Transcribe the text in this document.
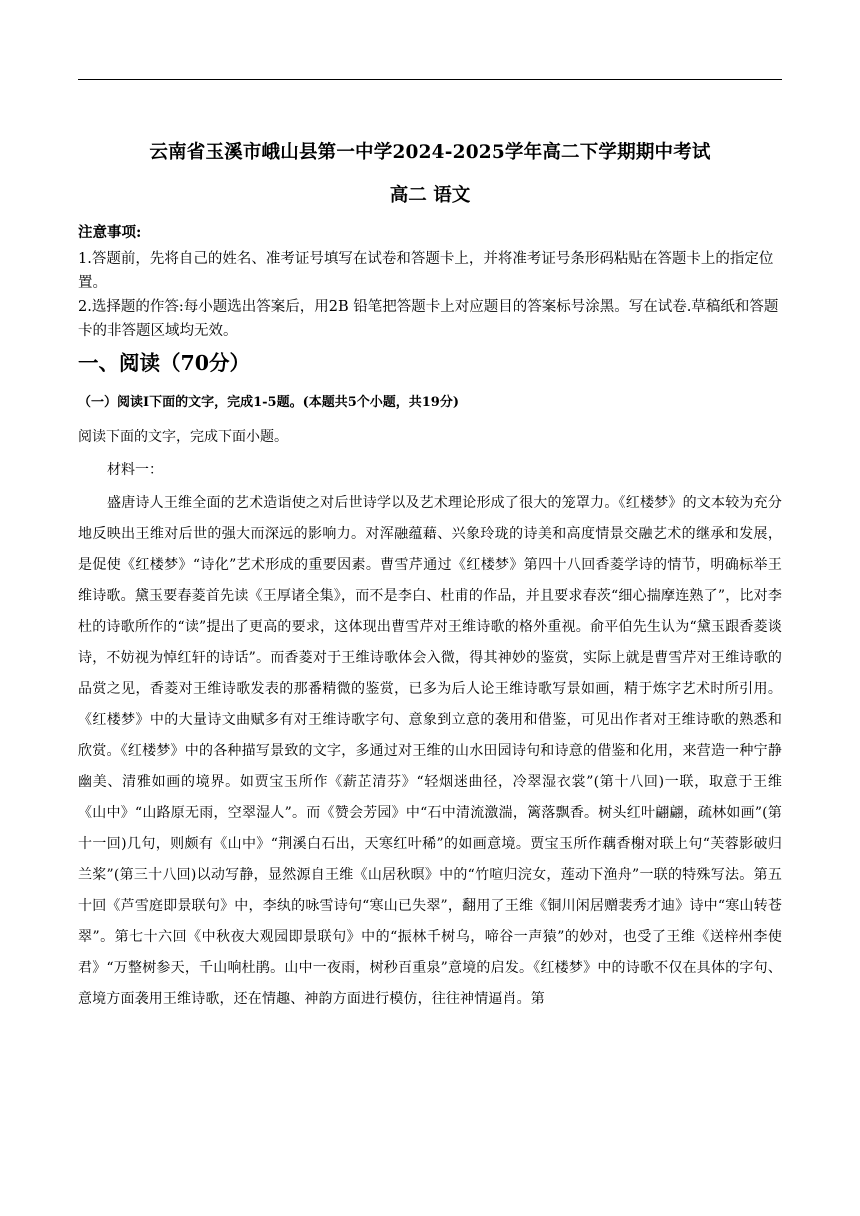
云南省玉溪市峨山县第一中学2024-2025学年高二下学期期中考试
高二 语文
注意事项:
1.答题前，先将自己的姓名、准考证号填写在试卷和答题卡上，并将准考证号条形码粘贴在答题卡上的指定位置。
2.选择题的作答:每小题选出答案后，用2B 铅笔把答题卡上对应题目的答案标号涂黑。写在试卷.草稿纸和答题卡的非答题区域均无效。
一、阅读（70分）
（一）阅读Ⅰ下面的文字，完成1-5题。(本题共5个小题，共19分)
阅读下面的文字，完成下面小题。
材料一：

盛唐诗人王维全面的艺术造诣使之对后世诗学以及艺术理论形成了很大的笼罩力。《红楼梦》的文本较为充分地反映出王维对后世的强大而深远的影响力。对浑融蕴藉、兴象玲珑的诗美和高度情景交融艺术的继承和发展，是促使《红楼梦》“诗化”艺术形成的重要因素。曹雪芹通过《红楼梦》第四十八回香菱学诗的情节，明确标举王维诗歌。黛玉要春菱首先读《王厚诸全集》，而不是李白、杜甫的作品，并且要求春茨“细心揣摩连熟了”，比对李杜的诗歌所作的“读”提出了更高的要求，这体现出曹雪芹对王维诗歌的格外重视。俞平伯先生认为“黛玉跟香菱谈诗，不妨视为悼红轩的诗话”。而香菱对于王维诗歌体会入微，得其神妙的鉴赏，实际上就是曹雪芹对王维诗歌的品赏之见，香菱对王维诗歌发表的那番精微的鉴赏，已多为后人论王维诗歌写景如画，精于炼字艺术时所引用。《红楼梦》中的大量诗文曲赋多有对王维诗歌字句、意象到立意的袭用和借鉴，可见出作者对王维诗歌的熟悉和欣赏。《红楼梦》中的各种描写景致的文字，多通过对王维的山水田园诗句和诗意的借鉴和化用，来营造一种宁静幽美、清雅如画的境界。如贾宝玉所作《薪芷清芬》“轻烟迷曲径，冷翠湿衣裳”(第十八回)一联，取意于王维《山中》“山路原无雨，空翠湿人”。而《赞会芳园》中“石中清流激湍，篱落飘香。树头红叶翩翩，疏林如画”(第十一回)几句，则颇有《山中》“荆溪白石出，天寒红叶稀”的如画意境。贾宝玉所作藕香榭对联上句“芙蓉影破归兰桨”(第三十八回)以动写静，显然源自王维《山居秋暝》中的“竹喧归浣女，莲动下渔舟”一联的特殊写法。第五十回《芦雪庭即景联句》中，李纨的咏雪诗句“寒山已失翠”，翻用了王维《铜川闲居赠裴秀才迪》诗中“寒山转苍翠”。第七十六回《中秋夜大观园即景联句》中的“振林千树乌，啼谷一声猿”的妙对，也受了王维《送梓州李使君》“万整树参天，千山响杜鹃。山中一夜雨，树秒百重泉”意境的启发。《红楼梦》中的诗歌不仅在具体的字句、意境方面袭用王维诗歌，还在情趣、神韵方面进行模仿，往往神情逼肖。第
